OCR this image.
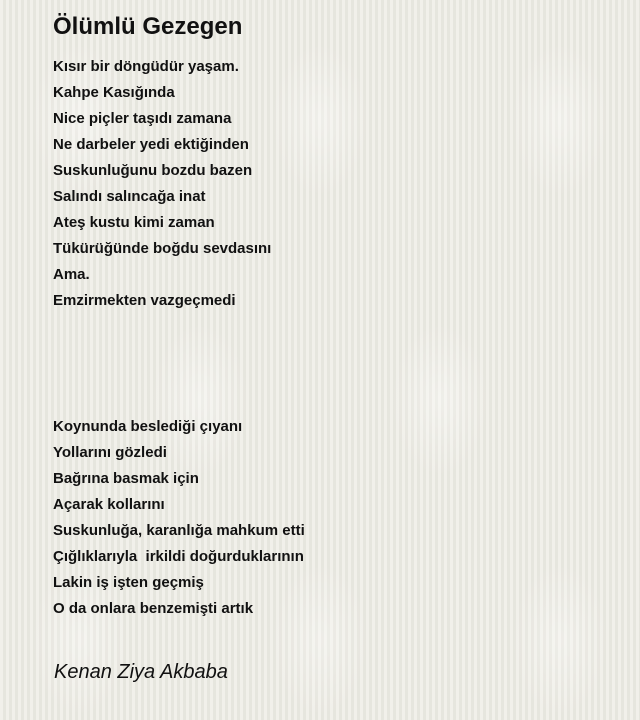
Ölümlü Gezegen
Kısır bir döngüdür yaşam.
Kahpe Kasığında
Nice piçler taşıdı zamana
Ne darbeler yedi ektiğinden
Suskunluğunu bozdu bazen
Salındı salıncağa inat
Ateş kustu kimi zaman
Tükürüğünde boğdu sevdasını
Ama.
Emzirmekten vazgeçmedi
Koynunda beslediği çıyanı
Yollarını gözledi
Bağrına basmak için
Açarak kollarını
Suskunluğa, karanlığa mahkum etti
Çığlıklarıyla  irkildi doğurduklarının
Lakin iş işten geçmiş
O da onlara benzemişti artık
Kenan Ziya Akbaba
